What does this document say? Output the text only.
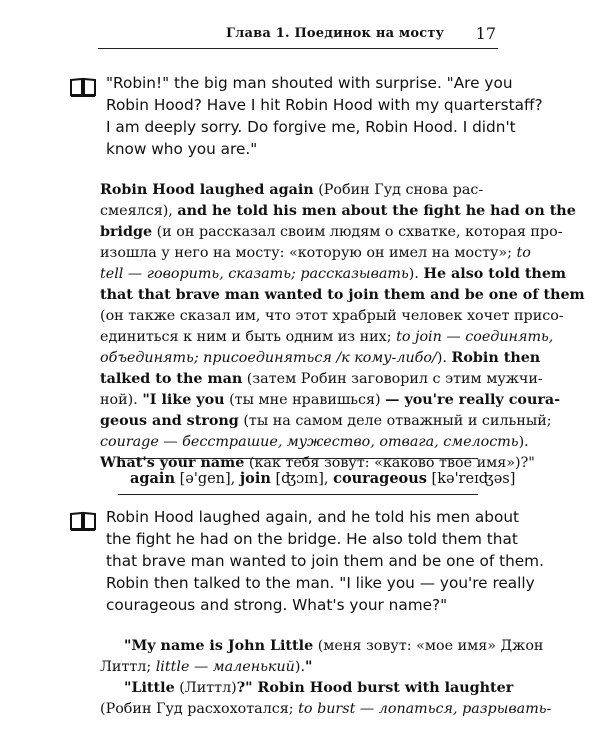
Глава 1. Поединок на мосту 17
"Robin!" the big man shouted with surprise. "Are you
Robin Hood? Have I hit Robin Hood with my quarterstaff?
I am deeply sorry. Do forgive me, Robin Hood. I didn't
know who you are."
Robin Hood laughed again (Робин Гуд снова рас-
смеялся), and he told his men about the fight he had on the
bridge (и он рассказал своим людям о схватке, которая про-
изошла у него на мосту: «которую он имел на мосту»; to
tell — говорить, сказать; рассказывать). He also told them
that that brave man wanted to join them and be one of them
(он также сказал им, что этот храбрый человек хочет присо-
единиться к ним и быть одним из них; to join — соединять,
объединять; присоединяться /к кому-либо/). Robin then
talked to the man (затем Робин заговорил с этим мужчи-
ной). "I like you (ты мне нравишься) — you're really coura-
geous and strong (ты на самом деле отважный и сильный;
courage — бесстрашие, мужество, отвага, смелость).
What's your name (как тебя зовут: «каково твое имя»)?"
again [ə'gen], join [ʤɔɪn], courageous [kə'reɪʤəs]
Robin Hood laughed again, and he told his men about
the fight he had on the bridge. He also told them that
that brave man wanted to join them and be one of them.
Robin then talked to the man. "I like you — you're really
courageous and strong. What's your name?"
"My name is John Little (меня зовут: «мое имя» Джон
Литтл; little — маленький)."
"Little (Литтл)?" Robin Hood burst with laughter
(Робин Гуд расхохотался; to burst — лопаться, разрывать-
